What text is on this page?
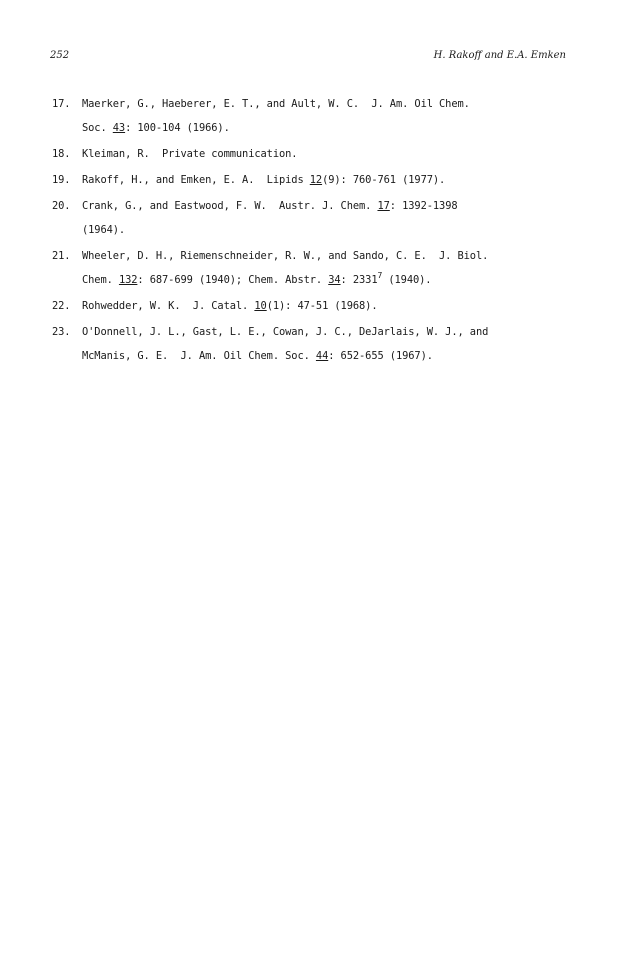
252	H. Rakoff and E.A. Emken
17.	Maerker, G., Haeberer, E. T., and Ault, W. C.  J. Am. Oil Chem.
Soc. 43: 100-104 (1966).
18.	Kleiman, R.  Private communication.
19.	Rakoff, H., and Emken, E. A.  Lipids 12(9): 760-761 (1977).
20.	Crank, G., and Eastwood, F. W.  Austr. J. Chem. 17: 1392-1398
(1964).
21.	Wheeler, D. H., Riemenschneider, R. W., and Sando, C. E.  J. Biol.
Chem. 132: 687-699 (1940); Chem. Abstr. 34: 2331$^7$ (1940).
22.	Rohwedder, W. K.  J. Catal. 10(1): 47-51 (1968).
23.	O'Donnell, J. L., Gast, L. E., Cowan, J. C., DeJarlais, W. J., and
McManis, G. E.  J. Am. Oil Chem. Soc. 44: 652-655 (1967).
